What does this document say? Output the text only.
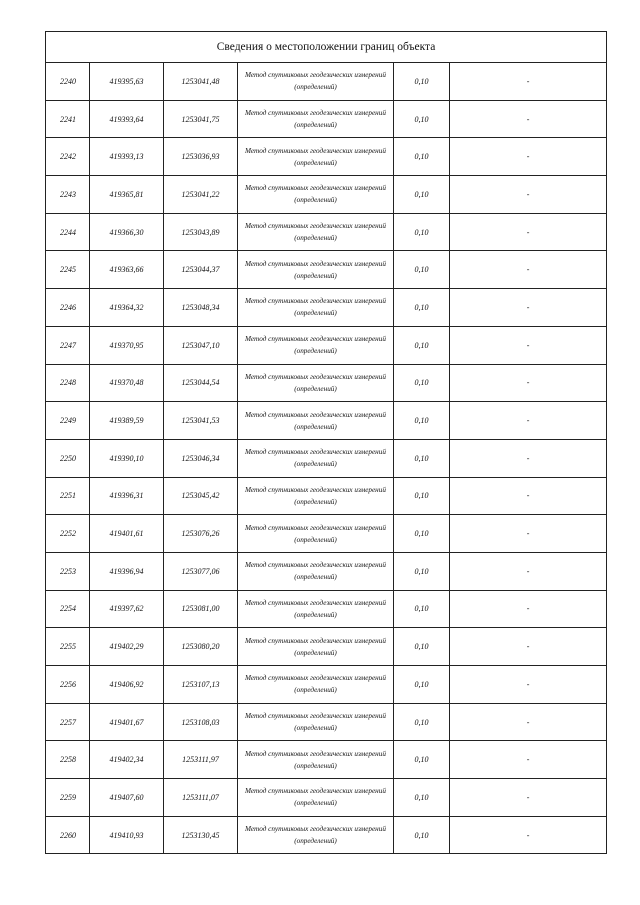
Сведения о местоположении границ объекта					
2240	419395,63	1253041,48	Метод спутниковых геодезических измерений (определений)	0,10	-
2241	419393,64	1253041,75	Метод спутниковых геодезических измерений (определений)	0,10	-
2242	419393,13	1253036,93	Метод спутниковых геодезических измерений (определений)	0,10	-
2243	419365,81	1253041,22	Метод спутниковых геодезических измерений (определений)	0,10	-
2244	419366,30	1253043,89	Метод спутниковых геодезических измерений (определений)	0,10	-
2245	419363,66	1253044,37	Метод спутниковых геодезических измерений (определений)	0,10	-
2246	419364,32	1253048,34	Метод спутниковых геодезических измерений (определений)	0,10	-
2247	419370,95	1253047,10	Метод спутниковых геодезических измерений (определений)	0,10	-
2248	419370,48	1253044,54	Метод спутниковых геодезических измерений (определений)	0,10	-
2249	419389,59	1253041,53	Метод спутниковых геодезических измерений (определений)	0,10	-
2250	419390,10	1253046,34	Метод спутниковых геодезических измерений (определений)	0,10	-
2251	419396,31	1253045,42	Метод спутниковых геодезических измерений (определений)	0,10	-
2252	419401,61	1253076,26	Метод спутниковых геодезических измерений (определений)	0,10	-
2253	419396,94	1253077,06	Метод спутниковых геодезических измерений (определений)	0,10	-
2254	419397,62	1253081,00	Метод спутниковых геодезических измерений (определений)	0,10	-
2255	419402,29	1253080,20	Метод спутниковых геодезических измерений (определений)	0,10	-
2256	419406,92	1253107,13	Метод спутниковых геодезических измерений (определений)	0,10	-
2257	419401,67	1253108,03	Метод спутниковых геодезических измерений (определений)	0,10	-
2258	419402,34	1253111,97	Метод спутниковых геодезических измерений (определений)	0,10	-
2259	419407,60	1253111,07	Метод спутниковых геодезических измерений (определений)	0,10	-
2260	419410,93	1253130,45	Метод спутниковых геодезических измерений (определений)	0,10	-
